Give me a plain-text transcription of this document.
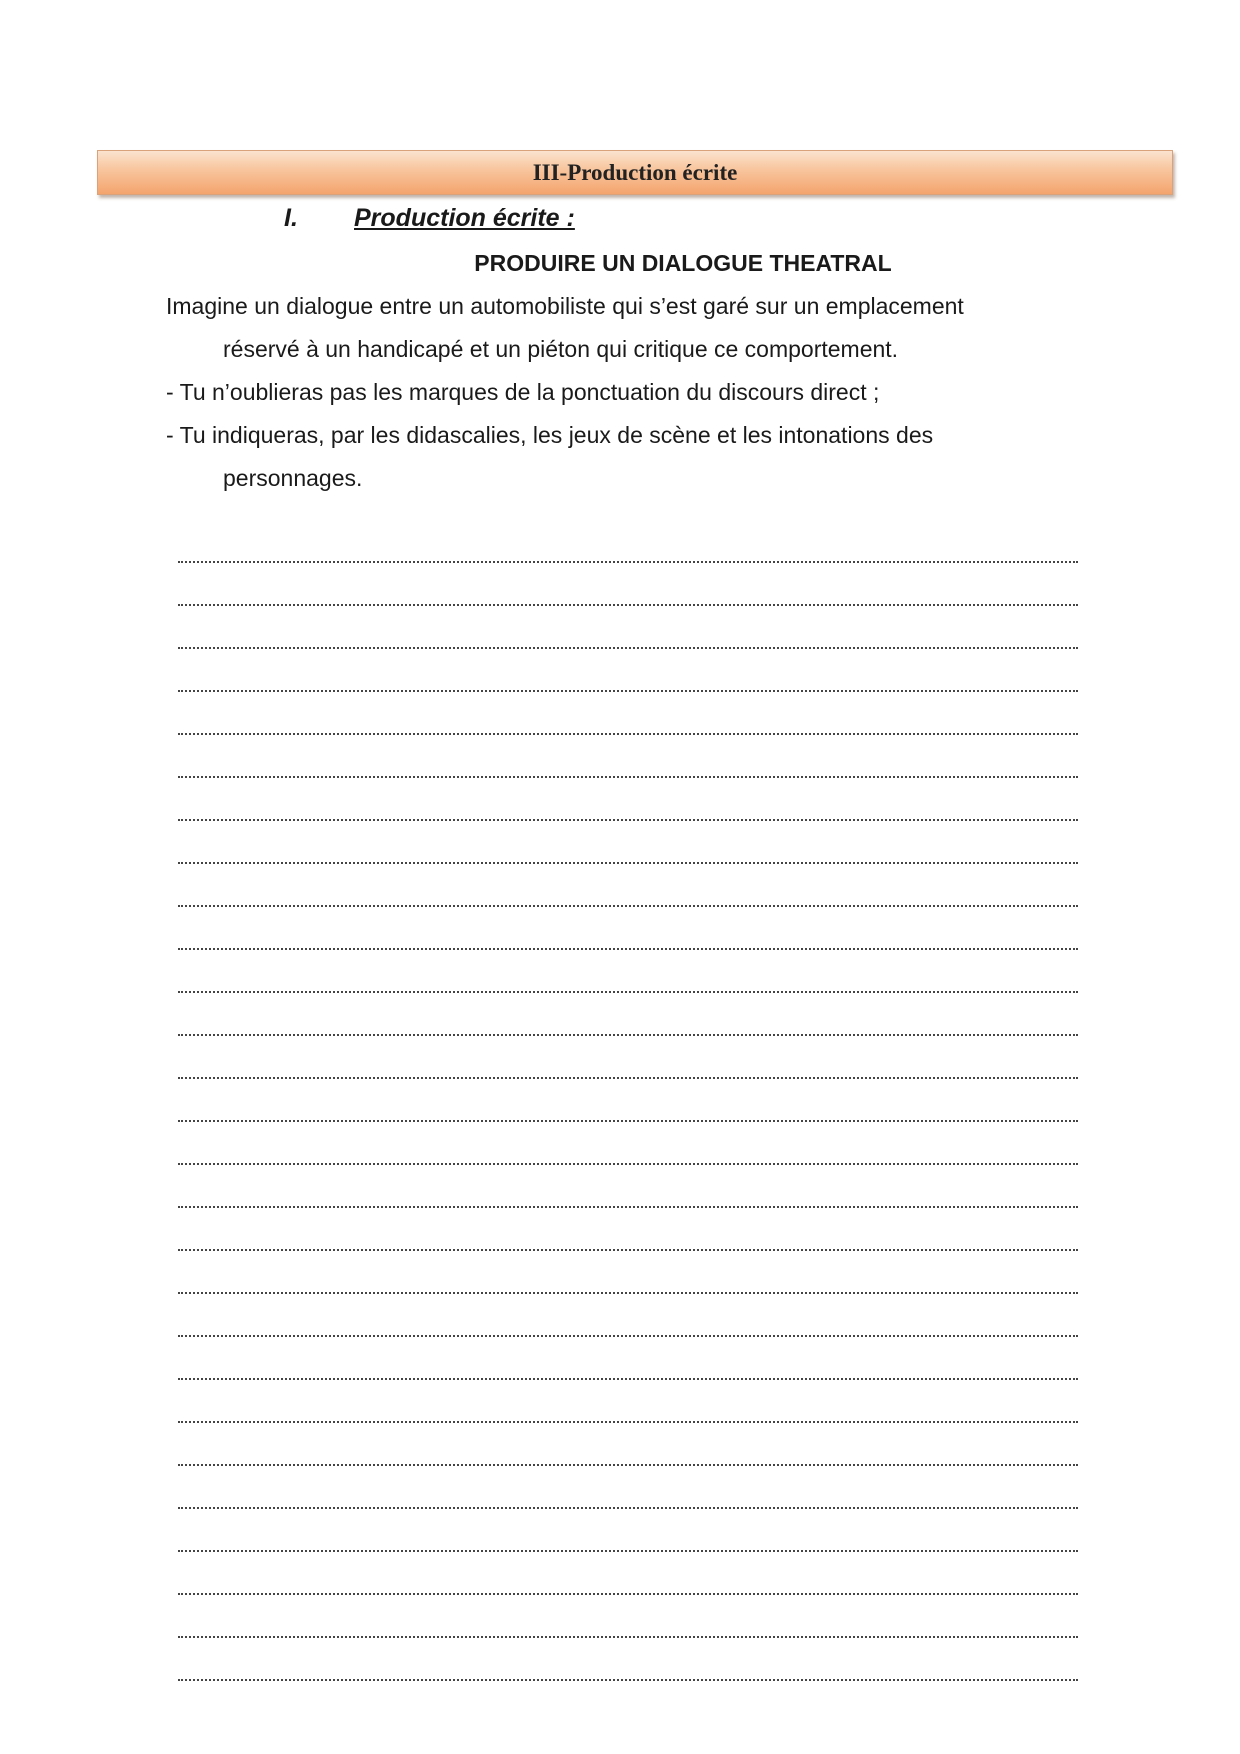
III-Production écrite
I. Production écrite :
PRODUIRE UN DIALOGUE THEATRAL
Imagine un dialogue entre un automobiliste qui s’est garé sur un emplacement
réservé à un handicapé et un piéton qui critique ce comportement.
- Tu n’oublieras pas les marques de la ponctuation du discours direct ;
- Tu indiqueras, par les didascalies, les jeux de scène et les intonations des
personnages.
